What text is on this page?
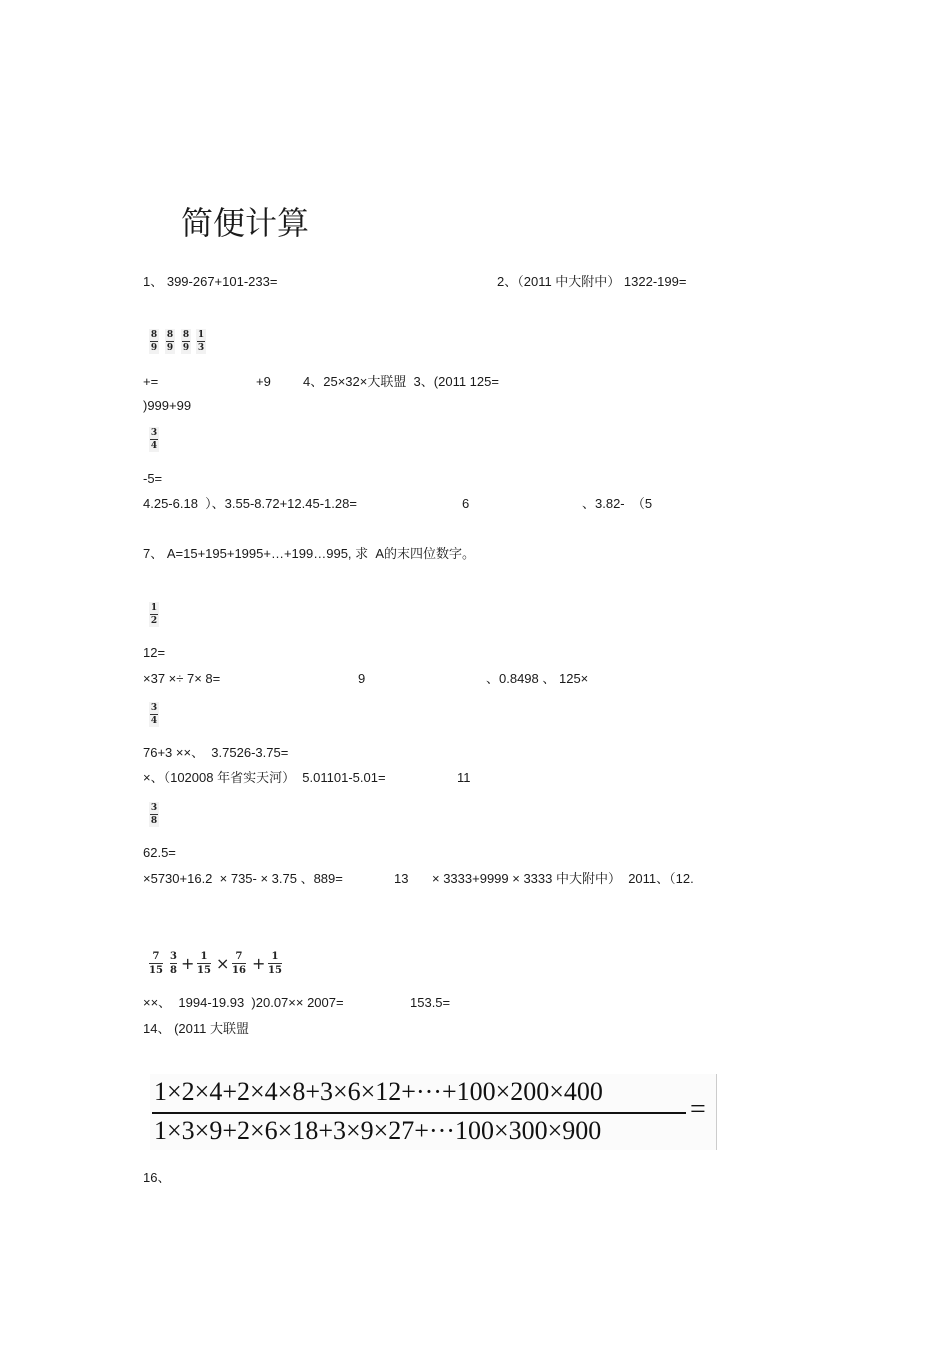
简便计算
1、 399-267+101-233=	2、（2011 中大附中） 1322-199=
8
9
8
9
8
9
1
3
+=	+9 4、25×32×大联盟  3、(2011 125=
)999+99
3
4
-5=
4.25-6.18  ）、3.55-8.72+12.45-1.28=	6	、3.82-  （5
7、 A=15+195+1995+…+199…995, 求  A的末四位数字。
1
2
12=
×37 ×÷ 7× 8=	9	、0.8498 、 125×
3
4
76+3 ××、  3.7526-3.75=
×、（102008 年省实天河）  5.01101-5.01=	11
3
8
62.5=
×5730+16.2  × 735- × 3.75 、889=	13 × 3333+9999 × 3333 中大附中）  2011、（12.
7
15
3
8 + 1
15 × 7
16 + 1
15
××、  1994-19.93  )20.07×× 2007=	153.5=
14、 (2011 大联盟
1×2×4+2×4×8+3×6×12+···+100×200×400
1×3×9+2×6×18+3×9×27+···100×300×900
=
16、
